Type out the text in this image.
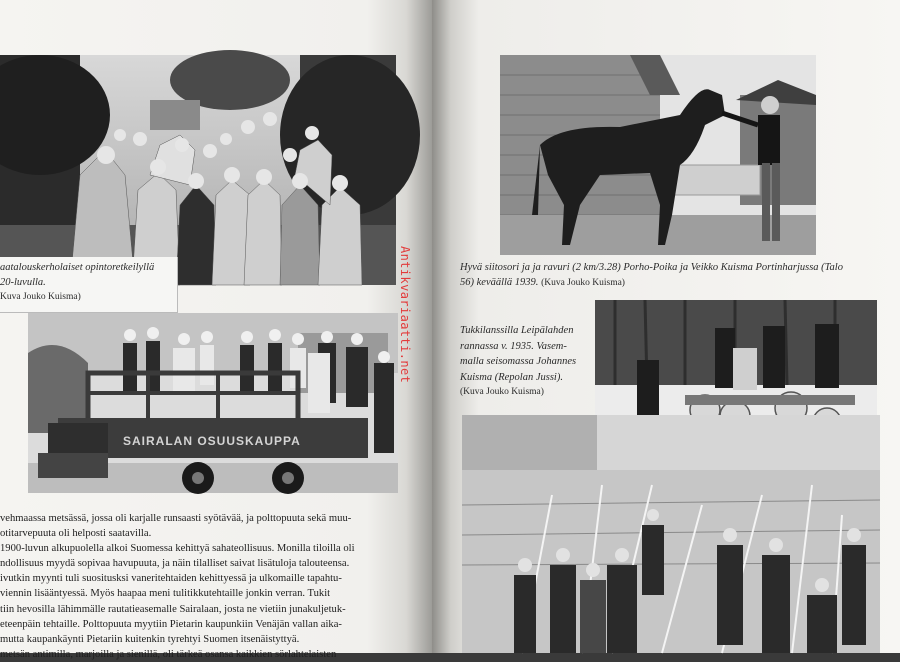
aatalouskerholaiset opintoretkeilyllä
20-luvulla.
Kuva Jouko Kuisma)
SAIRALAN OSUUSKAUPPA

vehmaassa metsässä, jossa oli karjalle runsaasti syötävää, ja polttopuuta sekä muu-

otitarvepuuta oli helposti saatavilla.

1900-luvun alkupuolella alkoi Suomessa kehittyä sahateollisuus. Monilla tiloilla oli

ndollisuus myydä sopivaa havupuuta, ja näin tilalliset saivat lisätuloja talouteensa.

ivutkin myynti tuli suositusksi vaneritehtaiden kehittyessä ja ulkomaille tapahtu-

viennin lisääntyessä. Myös haapaa meni tulitikkutehtaille jonkin verran. Tukit

tiin hevosilla lähimmälle rautatieasemalle Sairalaan, josta ne vietiin junakuljetuk-

eteenpäin tehtaille. Polttopuuta myytiin Pietarin kaupunkiin Venäjän vallan aika-

mutta kaupankäynti Pietariin kuitenkin tyrehtyi Suomen itsenäistyttyä.

metsän antimilla, marjoilla ja sienillä, oli tärkeä osansa kaikkien sörlahtelaisten

Antikvariaatti.net	Hyvä siitosori ja ja ravuri (2 km/3.28) Porho-Poika ja Veikko Kuisma Portinharjussa (Talo
56) keväällä 1939. (Kuva Jouko Kuisma)
Tukkilanssilla Leipälahden
rannassa v. 1935. Vasem-
malla seisomassa Johannes
Kuisma (Repolan Jussi).
(Kuva Jouko Kuisma)
